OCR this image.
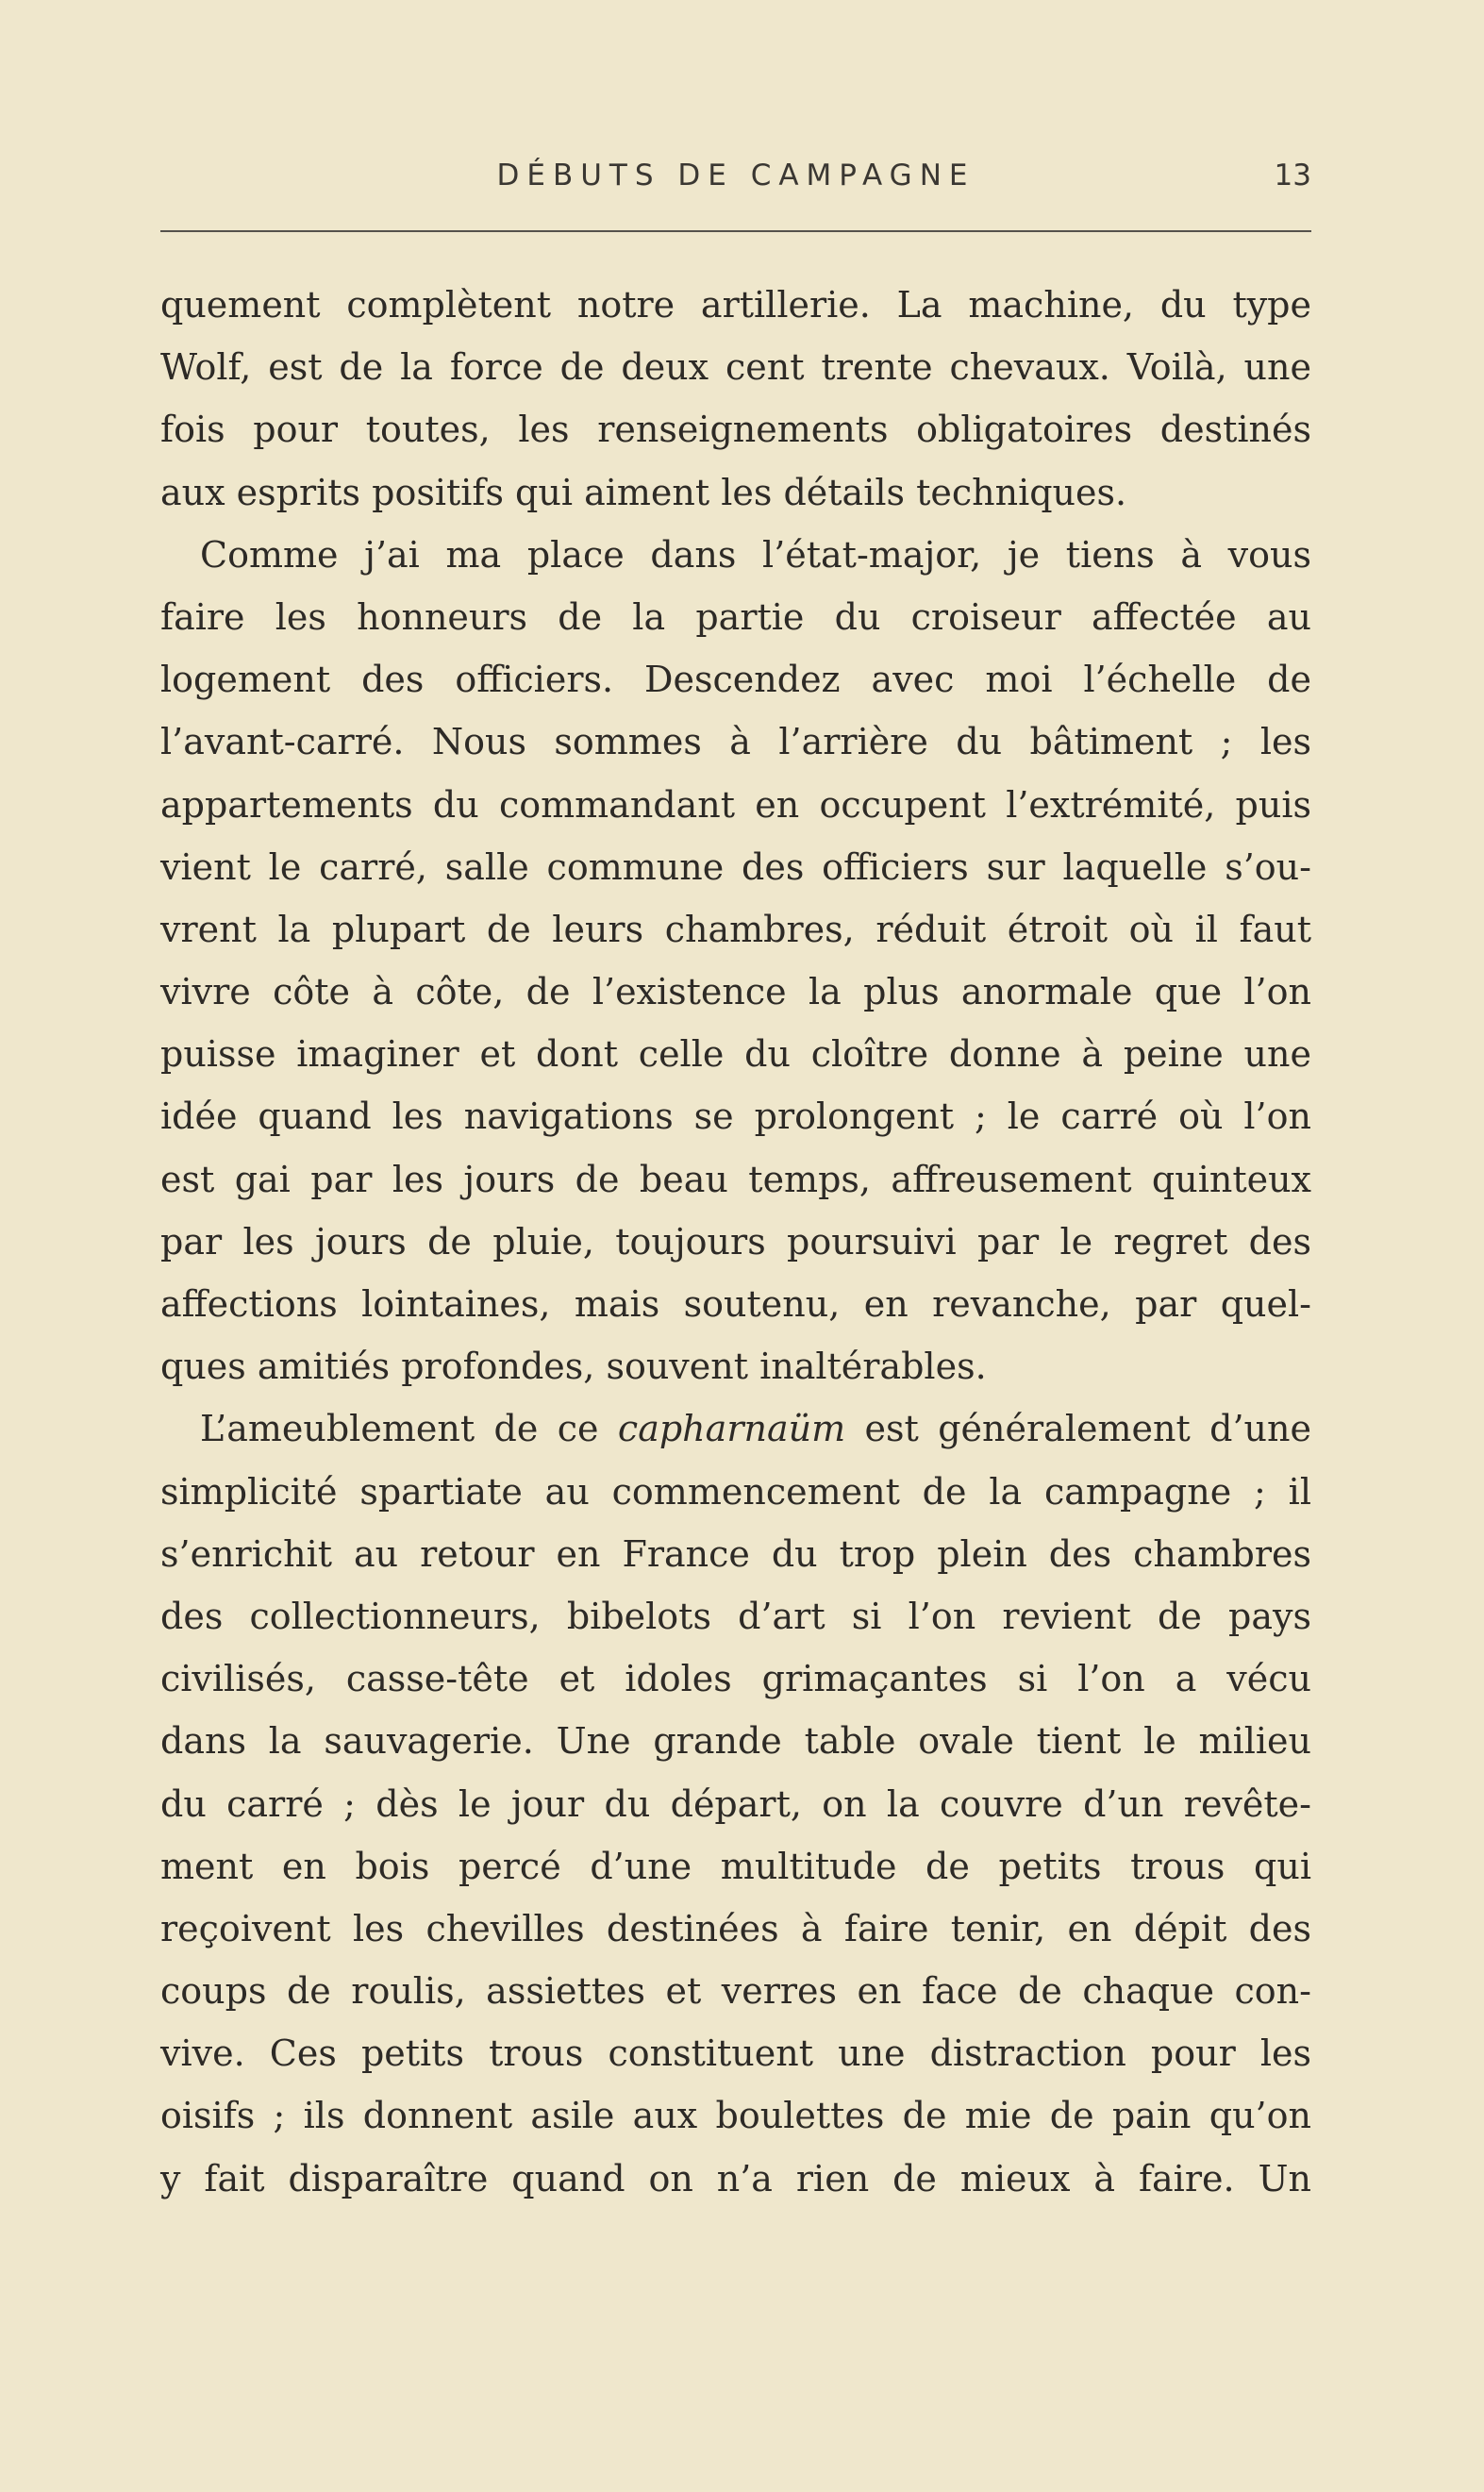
DÉBUTS DE CAMPAGNE	13
quement complètent notre artillerie. La machine, du type
Wolf, est de la force de deux cent trente chevaux. Voilà, une
fois pour toutes, les renseignements obligatoires destinés
aux esprits positifs qui aiment les détails techniques.
Comme j’ai ma place dans l’état-major, je tiens à vous
faire les honneurs de la partie du croiseur affectée au
logement des officiers. Descendez avec moi l’échelle de
l’avant-carré. Nous sommes à l’arrière du bâtiment ; les
appartements du commandant en occupent l’extrémité, puis
vient le carré, salle commune des officiers sur laquelle s’ou-
vrent la plupart de leurs chambres, réduit étroit où il faut
vivre côte à côte, de l’existence la plus anormale que l’on
puisse imaginer et dont celle du cloître donne à peine une
idée quand les navigations se prolongent ; le carré où l’on
est gai par les jours de beau temps, affreusement quinteux
par les jours de pluie, toujours poursuivi par le regret des
affections lointaines, mais soutenu, en revanche, par quel-
ques amitiés profondes, souvent inaltérables.
L’ameublement de ce capharnaüm est généralement d’une
simplicité spartiate au commencement de la campagne ; il
s’enrichit au retour en France du trop plein des chambres
des collectionneurs, bibelots d’art si l’on revient de pays
civilisés, casse-tête et idoles grimaçantes si l’on a vécu
dans la sauvagerie. Une grande table ovale tient le milieu
du carré ; dès le jour du départ, on la couvre d’un revête-
ment en bois percé d’une multitude de petits trous qui
reçoivent les chevilles destinées à faire tenir, en dépit des
coups de roulis, assiettes et verres en face de chaque con-
vive. Ces petits trous constituent une distraction pour les
oisifs ; ils donnent asile aux boulettes de mie de pain qu’on
y fait disparaître quand on n’a rien de mieux à faire. Un
